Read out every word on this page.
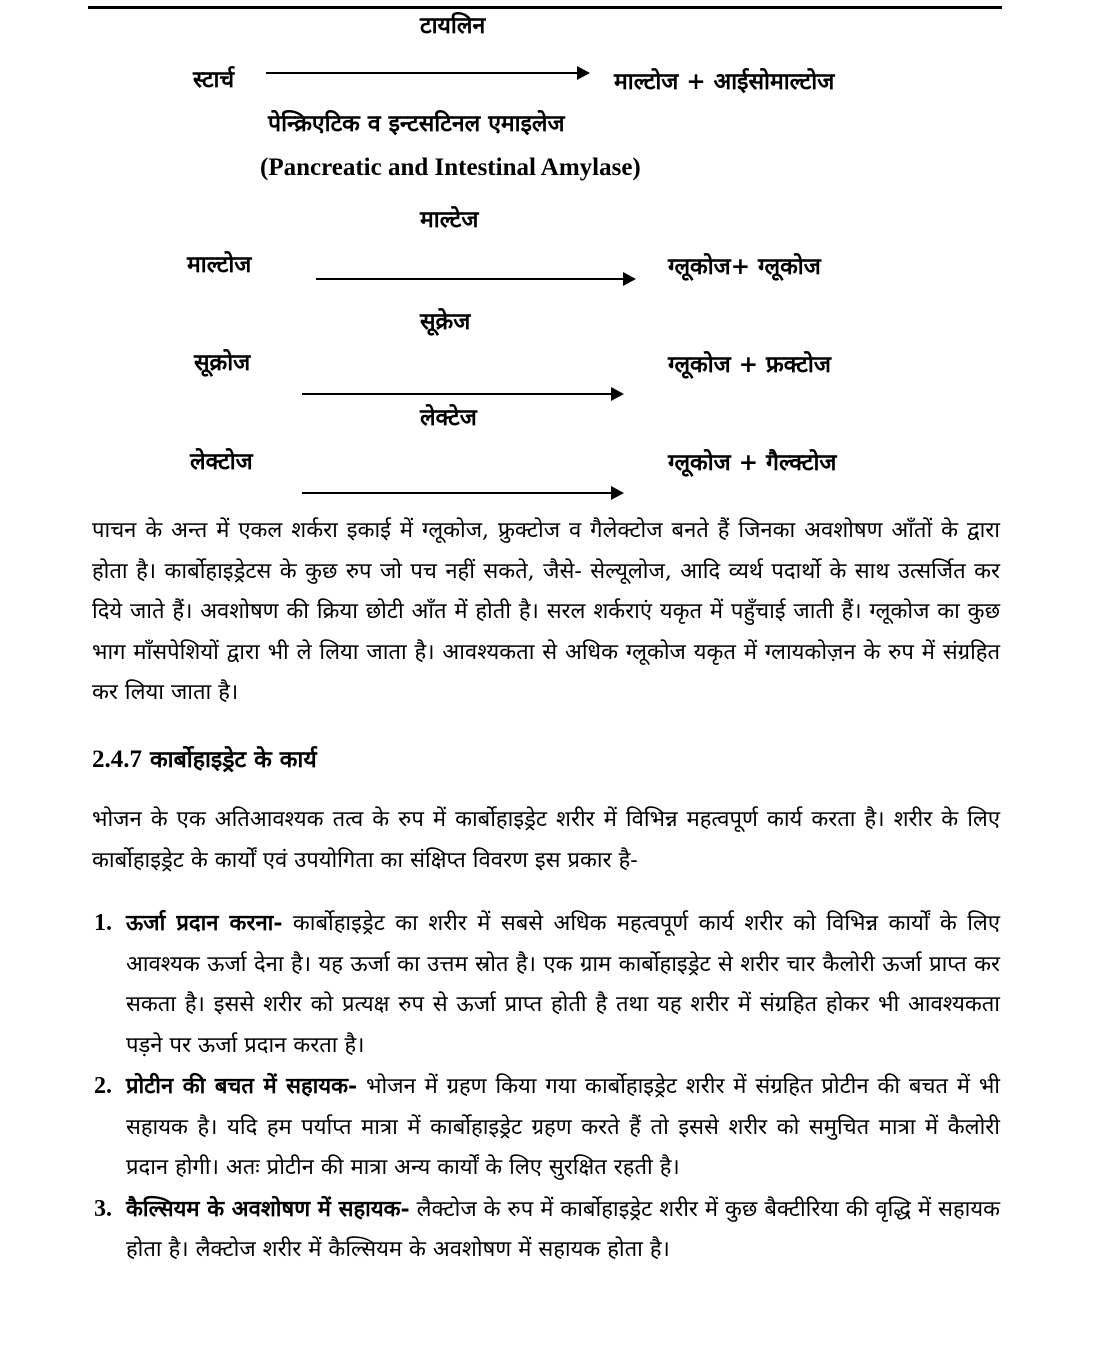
टायलिन
स्टार्च	माल्टोज + आईसोमाल्टोज
पेन्क्रिएटिक व इन्टसटिनल एमाइलेज
(Pancreatic and Intestinal Amylase)
माल्टेज
माल्टोज	ग्लूकोज+ ग्लूकोज
सूक्रेज
सूक्रोज	ग्लूकोज + फ्रक्टोज
लेक्टेज
लेक्टोज	ग्लूकोज + गैल्क्टोज

पाचन के अन्त में एकल शर्करा इकाई में ग्लूकोज, फ्रुक्टोज व गैलेक्टोज बनते हैं जिनका अवशोषण आँतों के द्वारा होता है। कार्बोहाइड्रेटस के कुछ रुप जो पच नहीं सकते, जैसे- सेल्यूलोज, आदि व्यर्थ पदार्थो के साथ उत्सर्जित कर दिये जाते हैं। अवशोषण की क्रिया छोटी आँत में होती है। सरल शर्कराएं यकृत में पहुँचाई जाती हैं। ग्लूकोज का कुछ भाग माँसपेशियों द्वारा भी ले लिया जाता है। आवश्यकता से अधिक ग्लूकोज यकृत में ग्लायकोज़न के रुप में संग्रहित कर लिया जाता है।

2.4.7 कार्बोहाइड्रेट के कार्य

भोजन के एक अतिआवश्यक तत्व के रुप में कार्बोहाइड्रेट शरीर में विभिन्न महत्वपूर्ण कार्य करता है। शरीर के लिए कार्बोहाइड्रेट के कार्यों एवं उपयोगिता का संक्षिप्त विवरण इस प्रकार है-

1. ऊर्जा प्रदान करना- कार्बोहाइड्रेट का शरीर में सबसे अधिक महत्वपूर्ण कार्य शरीर को विभिन्न कार्यों के लिए आवश्यक ऊर्जा देना है। यह ऊर्जा का उत्तम स्रोत है। एक ग्राम कार्बोहाइड्रेट से शरीर चार कैलोरी ऊर्जा प्राप्त कर सकता है। इससे शरीर को प्रत्यक्ष रुप से ऊर्जा प्राप्त होती है तथा यह शरीर में संग्रहित होकर भी आवश्यकता पड़ने पर ऊर्जा प्रदान करता है।
2. प्रोटीन की बचत में सहायक- भोजन में ग्रहण किया गया कार्बोहाइड्रेट शरीर में संग्रहित प्रोटीन की बचत में भी सहायक है। यदि हम पर्याप्त मात्रा में कार्बोहाइड्रेट ग्रहण करते हैं तो इससे शरीर को समुचित मात्रा में कैलोरी प्रदान होगी। अतः प्रोटीन की मात्रा अन्य कार्यों के लिए सुरक्षित रहती है।
3. कैल्सियम के अवशोषण में सहायक- लैक्टोज के रुप में कार्बोहाइड्रेट शरीर में कुछ बैक्टीरिया की वृद्धि में सहायक होता है। लैक्टोज शरीर में कैल्सियम के अवशोषण में सहायक होता है।
